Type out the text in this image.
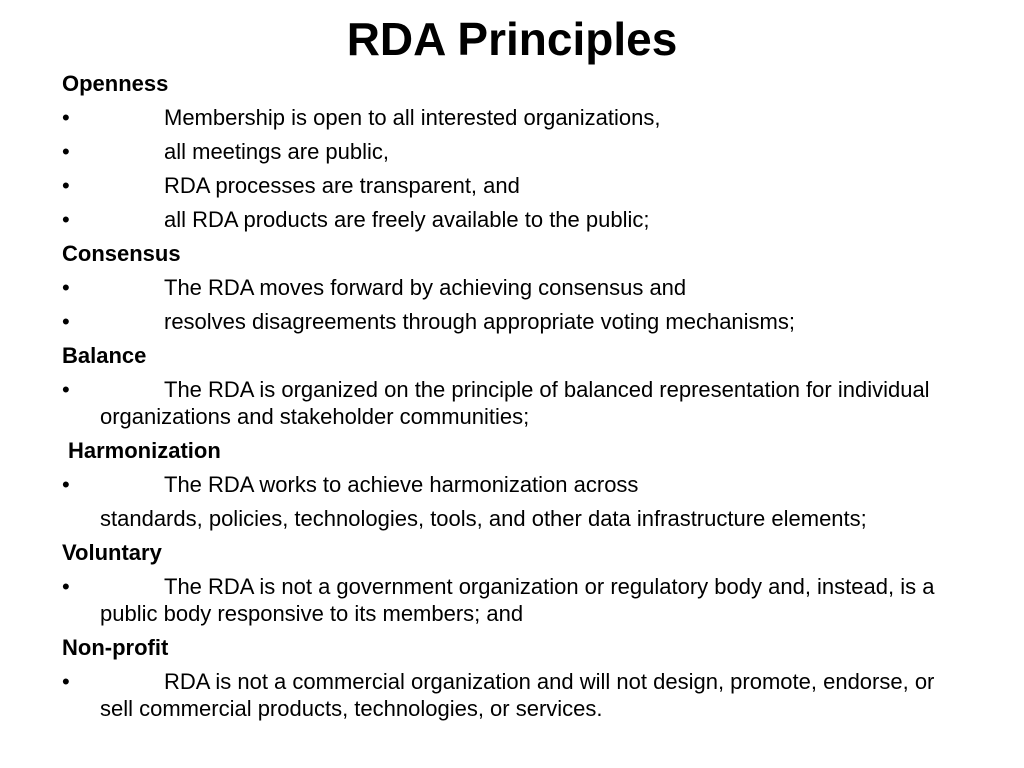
RDA Principles
Openness
•	Membership is open to all interested organizations,
•	all meetings are public,
•	RDA processes are transparent, and
•	all RDA products are freely available to the public;
Consensus
•	The RDA moves forward by achieving consensus and
•	resolves disagreements through appropriate voting mechanisms;
Balance
•	The RDA is organized on the principle of balanced representation for individual organizations and stakeholder communities;
Harmonization
•	The RDA works to achieve harmonization across
standards, policies, technologies, tools, and other data infrastructure elements;
Voluntary
•	The RDA is not a government organization or regulatory body and, instead, is a public body responsive to its members; and
Non-profit
•	RDA is not a commercial organization and will not design, promote, endorse, or sell commercial products, technologies, or services.
